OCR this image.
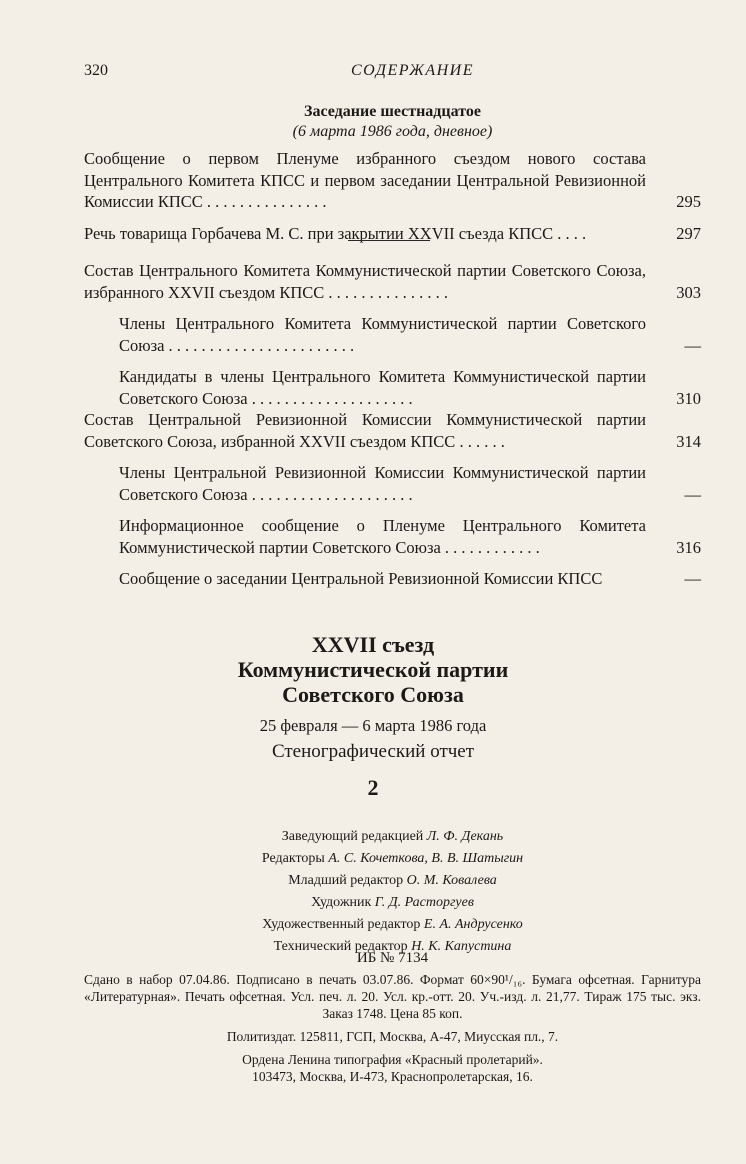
320	СОДЕРЖАНИЕ
Заседание шестнадцатое
(6 марта 1986 года, дневное)
Сообщение о первом Пленуме избранного съездом нового состава Центрального Комитета КПСС и первом заседании Центральной Ревизионной Комиссии КПСС . . . . . . . . . . . . . . .	295
Речь товарища Горбачева М. С. при закрытии XXVII съезда КПСС . . . .	297
Состав Центрального Комитета Коммунистической партии Советского Союза, избранного XXVII съездом КПСС . . . . . . . . . . . . . . .	303
Члены Центрального Комитета Коммунистической партии Советского Союза . . . . . . . . . . . . . . . . . . . . . . .	—
Кандидаты в члены Центрального Комитета Коммунистической партии Советского Союза . . . . . . . . . . . . . . . . . . . .	310
Состав Центральной Ревизионной Комиссии Коммунистической партии Советского Союза, избранной XXVII съездом КПСС . . . . . .	314
Члены Центральной Ревизионной Комиссии Коммунистической партии Советского Союза . . . . . . . . . . . . . . . . . . . .	—
Информационное сообщение о Пленуме Центрального Комитета Коммунистической партии Советского Союза . . . . . . . . . . . .	316
Сообщение о заседании Центральной Ревизионной Комиссии КПСС	—
XXVII съезд
Коммунистической партии
Советского Союза
25 февраля — 6 марта 1986 года
Стенографический отчет
2
Заведующий редакцией Л. Ф. Декань
Редакторы А. С. Кочеткова, В. В. Шатыгин
Младший редактор О. М. Ковалева
Художник Г. Д. Расторгуев
Художественный редактор Е. А. Андрусенко
Технический редактор Н. К. Капустина
ИБ № 7134
Сдано в набор 07.04.86. Подписано в печать 03.07.86. Формат 60×90¹/₁₆. Бумага офсетная. Гарнитура «Литературная». Печать офсетная. Усл. печ. л. 20. Усл. кр.-отт. 20. Уч.-изд. л. 21,77. Тираж 175 тыс. экз. Заказ 1748. Цена 85 коп.
Политиздат. 125811, ГСП, Москва, А-47, Миусская пл., 7.
Ордена Ленина типография «Красный пролетарий».
103473, Москва, И-473, Краснопролетарская, 16.
